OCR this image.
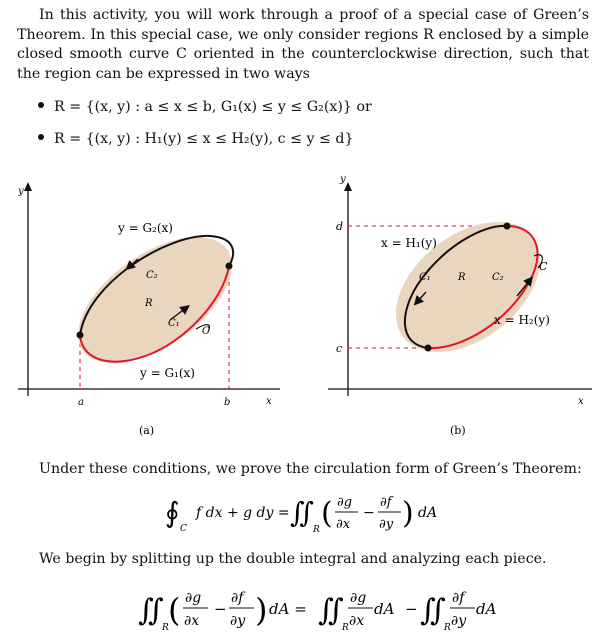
In this activity, you will work through a proof of a special case of Green’s Theorem. In this special case, we only consider regions R enclosed by a simple closed smooth curve C oriented in the counterclockwise direction, such that the region can be expressed in two ways
R = {(x, y) : a ≤ x ≤ b, G₁(x) ≤ y ≤ G₂(x)} or
R = {(x, y) : H₁(y) ≤ x ≤ H₂(y), c ≤ y ≤ d}
y
x
y = G₂(x)
C₂
R
C₁
C
y = G₁(x)
a	b
(a)
y
x
d
c
x = H₁(y)
C₁	R	C₂
C
x = H₂(y)
(b)
Under these conditions, we prove the circulation form of Green’s Theorem:
∮ C
f dx + g dy = ∬
R ( ∂g
∂x
−
∂f
∂y ) dA
We begin by splitting up the double integral and analyzing each piece.
∬
R ( ∂g
∂x
−
∂f
∂y ) dA = ∬
R
∂g
∂x
dA − ∬
R
∂f
∂y
dA
